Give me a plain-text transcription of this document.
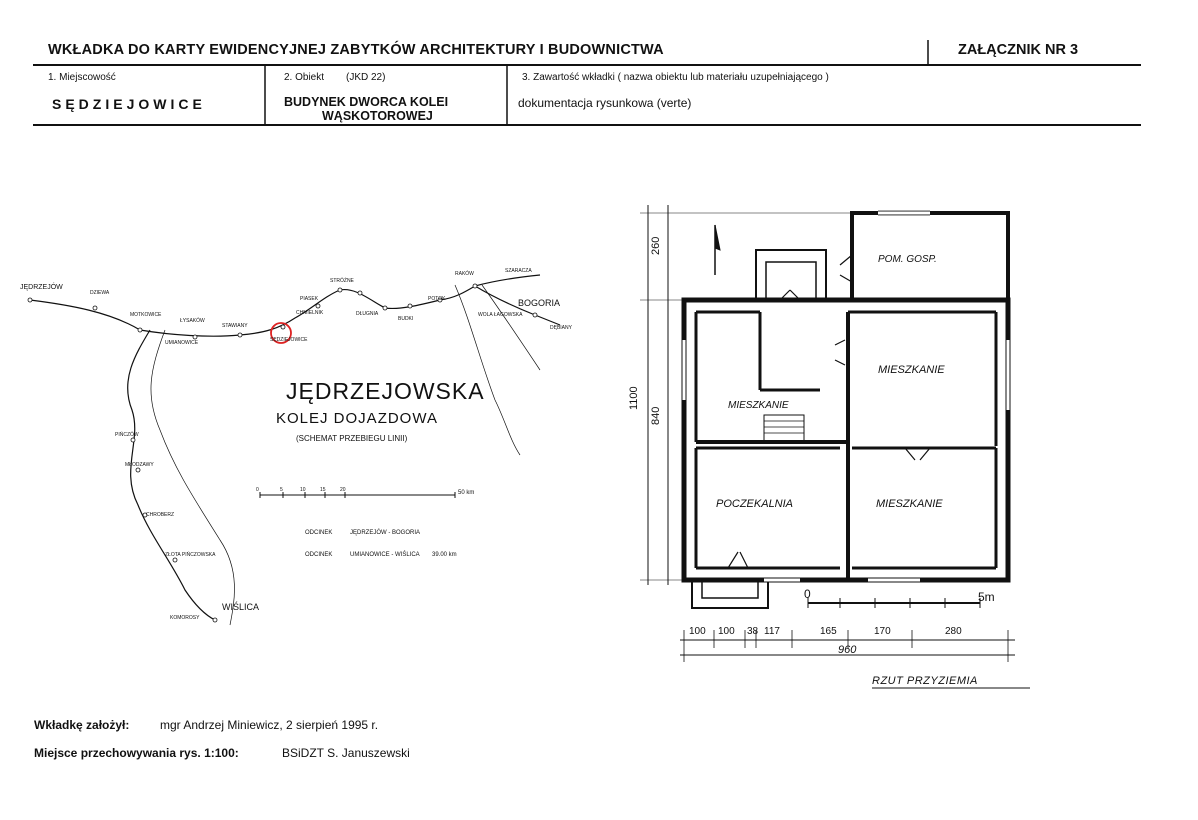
WKŁADKA DO KARTY EWIDENCYJNEJ ZABYTKÓW ARCHITEKTURY I BUDOWNICTWA	ZAŁĄCZNIK NR 3
1. Miejscowość
SĘDZIEJOWICE
2. Obiekt (JKD 22)
BUDYNEK DWORCA KOLEI
WĄSKOTOROWEJ
3. Zawartość wkładki ( nazwa obiektu lub materiału uzupełniającego )
dokumentacja rysunkowa (verte)
JĘDRZEJOWSKA
KOLEJ DOJAZDOWA
(SCHEMAT PRZEBIEGU LINII)
JĘDRZEJÓW
DZIEWA
MOTKOWICE
ŁYSAKÓW
UMIANOWICE
STAWIANY
SĘDZIEJOWICE
CHMIELNIK
PIASEK
STRÓŻNE
DŁUGNIA
BUDKI
POTOK
RAKÓW	SZARACZA
BOGORIA
WOLA ŁAGOWSKA
DĘBIANY
PIŃCZÓW
MŁODZAWY
CHROBERZ
ZŁOTA PIŃCZOWSKA
KOMOROSY
WIŚLICA
0	5	10	15	20	50 km
ODCINEK	JĘDRZEJÓW - BOGORIA
ODCINEK	UMIANOWICE - WIŚLICA 39.00 km
POM. GOSP.
MIESZKANIE
MIESZKANIE
POCZEKALNIA	MIESZKANIE
260
1100
840
100 100 38 117	165	170	280
960
0	5m
RZUT PRZYZIEMIA
Wkładkę założył:	mgr Andrzej Miniewicz, 2 sierpień 1995 r.
Miejsce przechowywania rys. 1:100:	BSiDZT S. Januszewski
